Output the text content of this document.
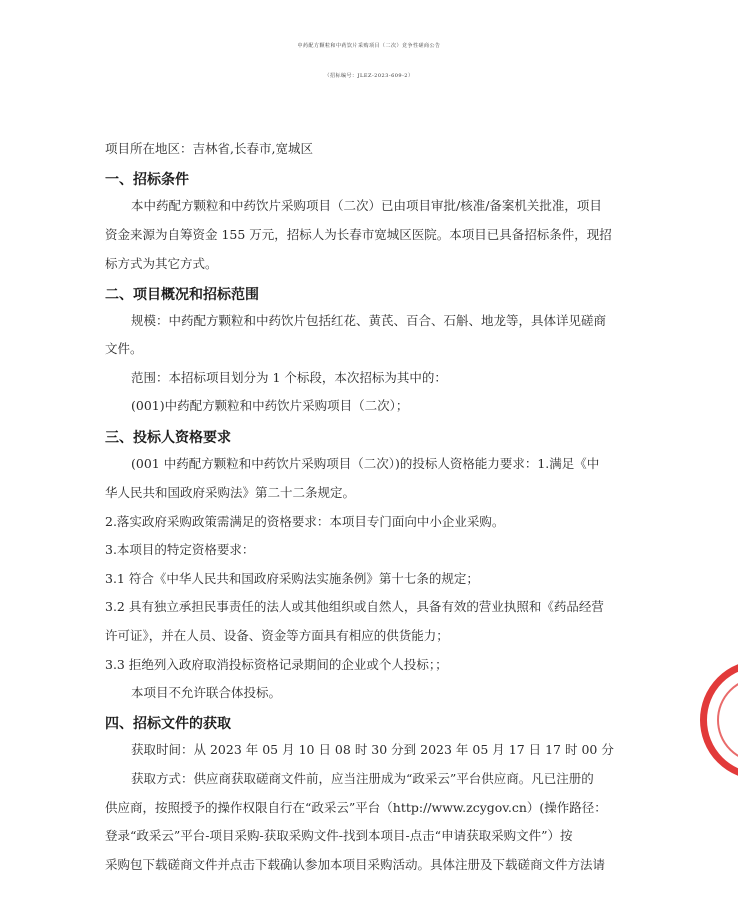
中药配方颗粒和中药饮片采购项目（二次）竞争性磋商公告
（招标编号：JLEZ-2023-609-2）
项目所在地区：吉林省,长春市,宽城区
一、招标条件
本中药配方颗粒和中药饮片采购项目（二次）已由项目审批/核准/备案机关批准，项目
资金来源为自筹资金 155 万元，招标人为长春市宽城区医院。本项目已具备招标条件，现招
标方式为其它方式。
二、项目概况和招标范围
规模：中药配方颗粒和中药饮片包括红花、黄芪、百合、石斛、地龙等，具体详见磋商
文件。
范围：本招标项目划分为 1 个标段，本次招标为其中的：
(001)中药配方颗粒和中药饮片采购项目（二次）；
三、投标人资格要求
(001 中药配方颗粒和中药饮片采购项目（二次）)的投标人资格能力要求：1.满足《中
华人民共和国政府采购法》第二十二条规定。
2.落实政府采购政策需满足的资格要求：本项目专门面向中小企业采购。
3.本项目的特定资格要求：
3.1 符合《中华人民共和国政府采购法实施条例》第十七条的规定；
3.2 具有独立承担民事责任的法人或其他组织或自然人，具备有效的营业执照和《药品经营
许可证》，并在人员、设备、资金等方面具有相应的供货能力；
3.3 拒绝列入政府取消投标资格记录期间的企业或个人投标；；
本项目不允许联合体投标。
四、招标文件的获取
获取时间：从 2023 年 05 月 10 日 08 时 30 分到 2023 年 05 月 17 日 17 时 00 分
获取方式：供应商获取磋商文件前，应当注册成为“政采云”平台供应商。凡已注册的
供应商，按照授予的操作权限自行在“政采云”平台（http://www.zcygov.cn）(操作路径：
登录“政采云”平台-项目采购-获取采购文件-找到本项目-点击“申请获取采购文件”）按
采购包下载磋商文件并点击下载确认参加本项目采购活动。具体注册及下载磋商文件方法请
